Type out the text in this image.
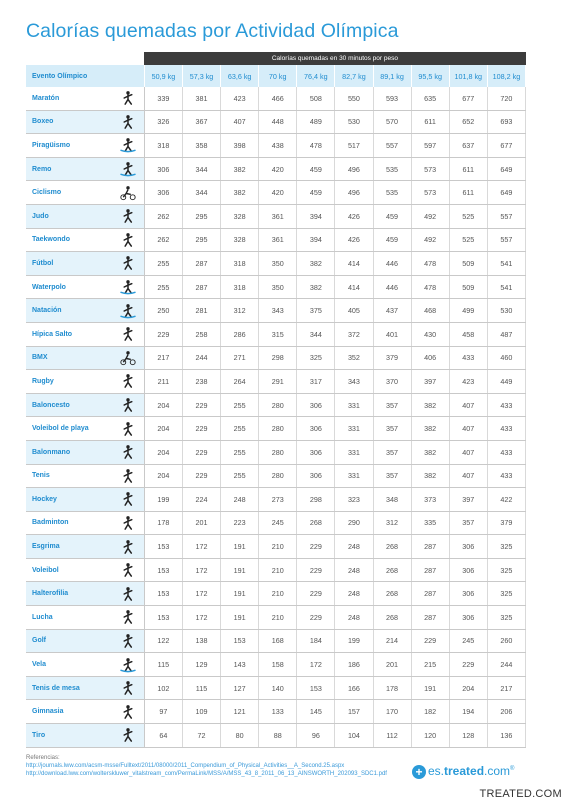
Calorías quemadas por Actividad Olímpica
		Calorías quemadas en 30 minutos por peso									
Evento Olímpico		50,9 kg	57,3 kg	63,6 kg	70 kg	76,4 kg	82,7 kg	89,1 kg	95,5 kg	101,8 kg	108,2 kg
Maratón		339	381	423	466	508	550	593	635	677	720
Boxeo		326	367	407	448	489	530	570	611	652	693
Piragüismo		318	358	398	438	478	517	557	597	637	677
Remo		306	344	382	420	459	496	535	573	611	649
Ciclismo		306	344	382	420	459	496	535	573	611	649
Judo		262	295	328	361	394	426	459	492	525	557
Taekwondo		262	295	328	361	394	426	459	492	525	557
Fútbol		255	287	318	350	382	414	446	478	509	541
Waterpolo		255	287	318	350	382	414	446	478	509	541
Natación		250	281	312	343	375	405	437	468	499	530
Hípica Salto		229	258	286	315	344	372	401	430	458	487
BMX		217	244	271	298	325	352	379	406	433	460
Rugby		211	238	264	291	317	343	370	397	423	449
Baloncesto		204	229	255	280	306	331	357	382	407	433
Voleibol de playa		204	229	255	280	306	331	357	382	407	433
Balonmano		204	229	255	280	306	331	357	382	407	433
Tenis		204	229	255	280	306	331	357	382	407	433
Hockey		199	224	248	273	298	323	348	373	397	422
Badminton		178	201	223	245	268	290	312	335	357	379
Esgrima		153	172	191	210	229	248	268	287	306	325
Voleibol		153	172	191	210	229	248	268	287	306	325
Halterofilia		153	172	191	210	229	248	268	287	306	325
Lucha		153	172	191	210	229	248	268	287	306	325
Golf		122	138	153	168	184	199	214	229	245	260
Vela		115	129	143	158	172	186	201	215	229	244
Tenis de mesa		102	115	127	140	153	166	178	191	204	217
Gimnasia		97	109	121	133	145	157	170	182	194	206
Tiro		64	72	80	88	96	104	112	120	128	136
Referencias:
http://journals.lww.com/acsm-msse/Fulltext/2011/08000/2011_Compendium_of_Physical_Activities__A_Second.25.aspx
http://download.lww.com/wolterskluwer_vitalstream_com/PermaLink/MSS/A/MSS_43_8_2011_06_13_AINSWORTH_202093_SDC1.pdf + es.treated.com®
TREATED.COM
